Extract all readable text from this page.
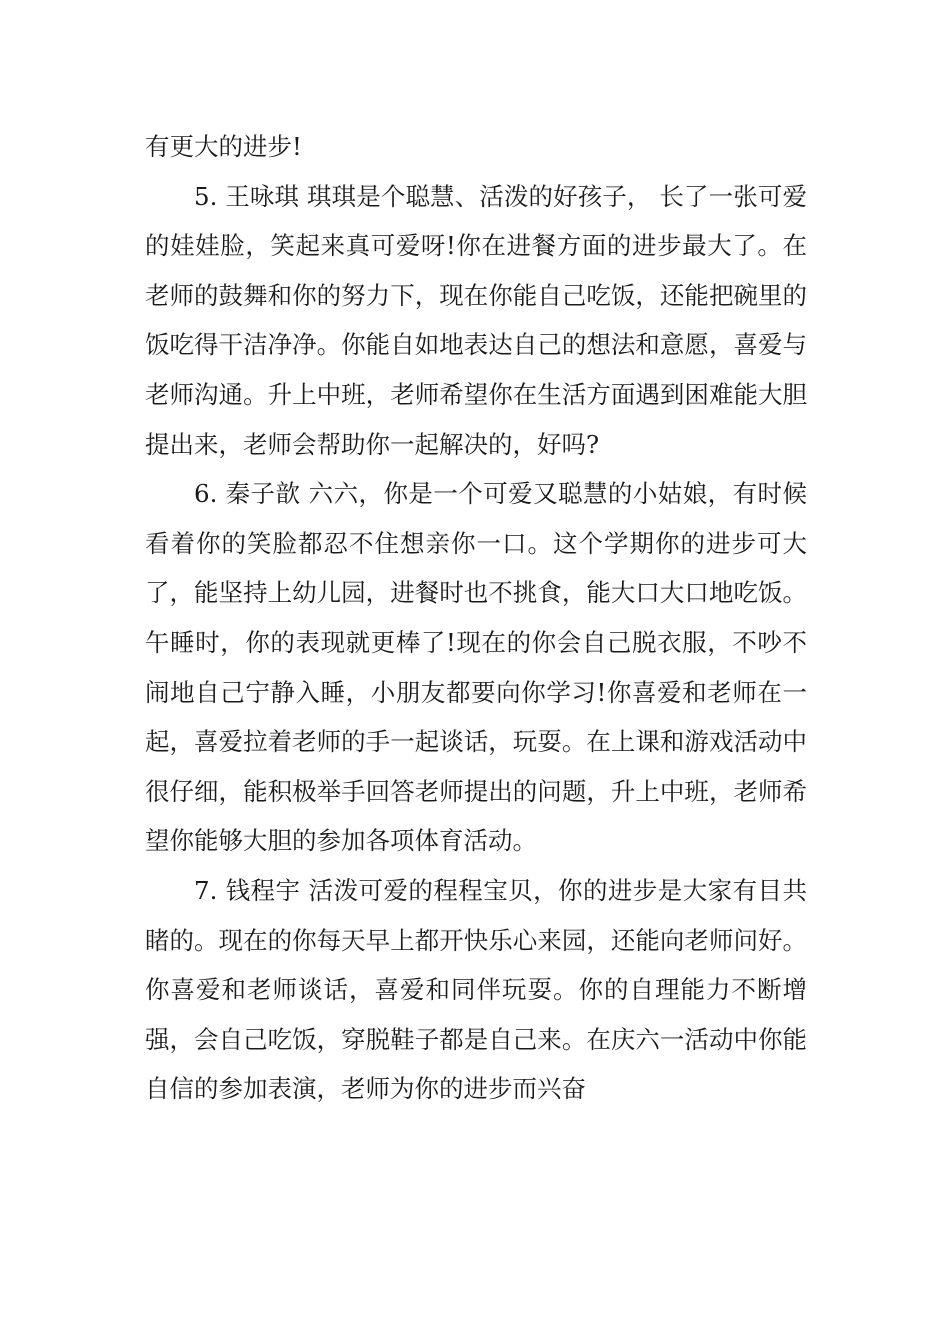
有更大的进步!

5. 王咏琪 琪琪是个聪慧、活泼的好孩子， 长了一张可爱的娃娃脸，笑起来真可爱呀!你在进餐方面的进步最大了。在老师的鼓舞和你的努力下，现在你能自己吃饭，还能把碗里的饭吃得干洁净净。你能自如地表达自己的想法和意愿，喜爱与老师沟通。升上中班，老师希望你在生活方面遇到困难能大胆提出来，老师会帮助你一起解决的，好吗?

6. 秦子歆 六六，你是一个可爱又聪慧的小姑娘，有时候看着你的笑脸都忍不住想亲你一口。这个学期你的进步可大了，能坚持上幼儿园，进餐时也不挑食，能大口大口地吃饭。午睡时，你的表现就更棒了!现在的你会自己脱衣服，不吵不闹地自己宁静入睡，小朋友都要向你学习!你喜爱和老师在一起，喜爱拉着老师的手一起谈话，玩耍。在上课和游戏活动中很仔细，能积极举手回答老师提出的问题，升上中班，老师希望你能够大胆的参加各项体育活动。

7. 钱程宇 活泼可爱的程程宝贝，你的进步是大家有目共睹的。现在的你每天早上都开快乐心来园，还能向老师问好。你喜爱和老师谈话，喜爱和同伴玩耍。你的自理能力不断增强，会自己吃饭，穿脱鞋子都是自己来。在庆六一活动中你能自信的参加表演，老师为你的进步而兴奋
